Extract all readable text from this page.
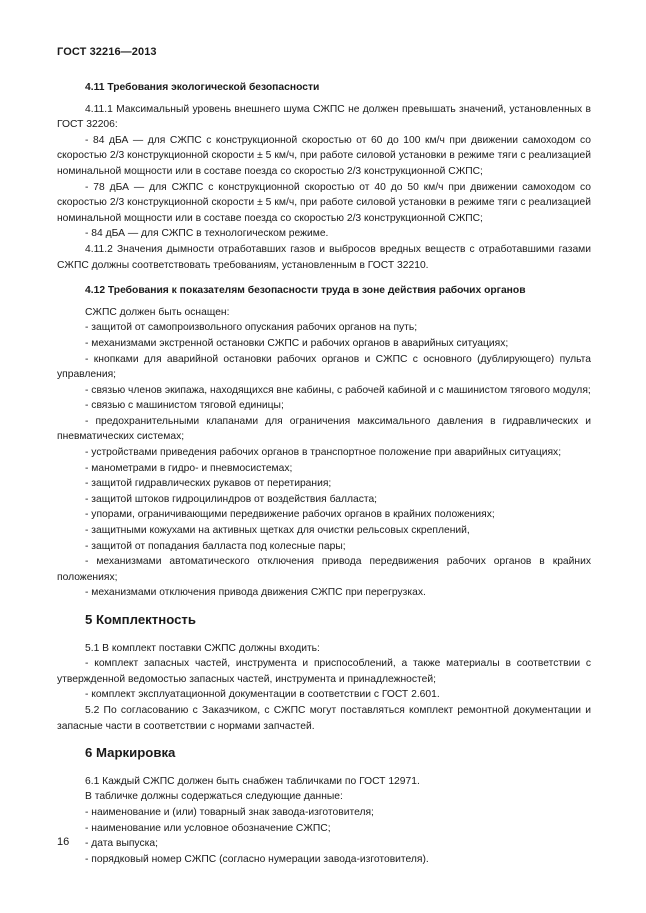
ГОСТ 32216—2013
4.11 Требования экологической безопасности

4.11.1 Максимальный уровень внешнего шума СЖПС не должен превышать значений, установленных в ГОСТ 32206:

- 84 дБА — для СЖПС с конструкционной скоростью от 60 до 100 км/ч при движении самоходом со скоростью 2/3 конструкционной скорости ± 5 км/ч, при работе силовой установки в режиме тяги с реализацией номинальной мощности или в составе поезда со скоростью 2/3 конструкционной СЖПС;

- 78 дБА — для СЖПС с конструкционной скоростью от 40 до 50 км/ч при движении самоходом со скоростью 2/3 конструкционной скорости ± 5 км/ч, при работе силовой установки в режиме тяги с реализацией номинальной мощности или в составе поезда со скоростью 2/3 конструкционной СЖПС;

- 84 дБА — для СЖПС в технологическом режиме.

4.11.2 Значения дымности отработавших газов и выбросов вредных веществ с отработавшими газами СЖПС должны соответствовать требованиям, установленным в ГОСТ 32210.

4.12 Требования к показателям безопасности труда в зоне действия рабочих органов

СЖПС должен быть оснащен:

- защитой от самопроизвольного опускания рабочих органов на путь;

- механизмами экстренной остановки СЖПС и рабочих органов в аварийных ситуациях;

- кнопками для аварийной остановки рабочих органов и СЖПС с основного (дублирующего) пульта управления;

- связью членов экипажа, находящихся вне кабины, с рабочей кабиной и с машинистом тягового модуля;

- связью с машинистом тяговой единицы;

- предохранительными клапанами для ограничения максимального давления в гидравлических и пневматических системах;

- устройствами приведения рабочих органов в транспортное положение при аварийных ситуациях;

- манометрами в гидро- и пневмосистемах;

- защитой гидравлических рукавов от перетирания;

- защитой штоков гидроцилиндров от воздействия балласта;

- упорами, ограничивающими передвижение рабочих органов в крайних положениях;

- защитными кожухами на активных щетках для очистки рельсовых скреплений,

- защитой от попадания балласта под колесные пары;

- механизмами автоматического отключения привода передвижения рабочих органов в крайних положениях;

- механизмами отключения привода движения СЖПС при перегрузках.

5 Комплектность

5.1 В комплект поставки СЖПС должны входить:

- комплект запасных частей, инструмента и приспособлений, а также материалы в соответствии с утвержденной ведомостью запасных частей, инструмента и принадлежностей;

- комплект эксплуатационной документации в соответствии с ГОСТ 2.601.

5.2 По согласованию с Заказчиком, с СЖПС могут поставляться комплект ремонтной документации и запасные части в соответствии с нормами запчастей.

6 Маркировка

6.1 Каждый СЖПС должен быть снабжен табличками по ГОСТ 12971.

В табличке должны содержаться следующие данные:

- наименование и (или) товарный знак завода-изготовителя;

- наименование или условное обозначение СЖПС;

- дата выпуска;

- порядковый номер СЖПС (согласно нумерации завода-изготовителя).

16
